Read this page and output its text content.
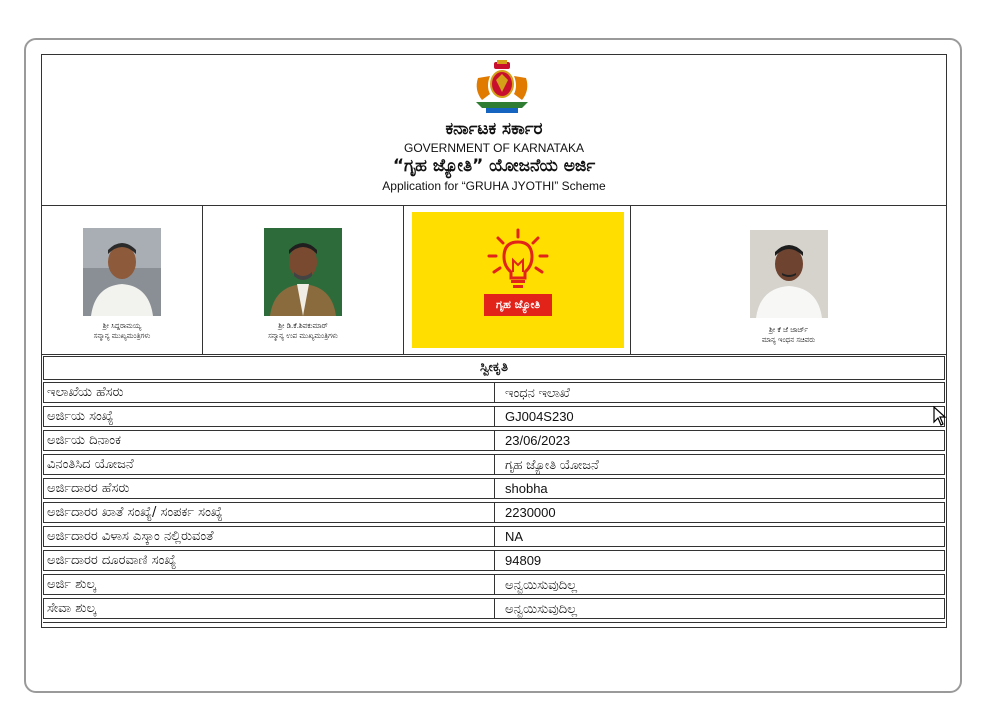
ಕರ್ನಾಟಕ ಸರ್ಕಾರ
GOVERNMENT OF KARNATAKA
“ಗೃಹ ಜ್ಯೋತಿ” ಯೋಜನೆಯ ಅರ್ಜಿ
Application for “GRUHA JYOTHI” Scheme
ಶ್ರೀ ಸಿದ್ದರಾಮಯ್ಯ
ಸನ್ಮಾನ್ಯ ಮುಖ್ಯಮಂತ್ರಿಗಳು
ಶ್ರೀ ಡಿ.ಕೆ.ಶಿವಕುಮಾರ್
ಸನ್ಮಾನ್ಯ ಉಪ ಮುಖ್ಯಮಂತ್ರಿಗಳು
ಗೃಹ ಜ್ಯೋತಿ
ಶ್ರೀ ಕೆ ಜೆ ಜಾರ್ಜ್
ಮಾನ್ಯ ಇಂಧನ ಸಚಿವರು
ಸ್ವೀಕೃತಿ
ಇಲಾಖೆಯ ಹೆಸರು	ಇಂಧನ ಇಲಾಖೆ
ಅರ್ಜಿಯ ಸಂಖ್ಯೆ	GJ004S230
ಅರ್ಜಿಯ ದಿನಾಂಕ	23/06/2023
ವಿನಂತಿಸಿದ ಯೋಜನೆ	ಗೃಹ ಜ್ಯೋತಿ ಯೋಜನೆ
ಅರ್ಜಿದಾರರ ಹೆಸರು	shobha
ಅರ್ಜಿದಾರರ ಖಾತೆ ಸಂಖ್ಯೆ/ ಸಂಪರ್ಕ ಸಂಖ್ಯೆ	2230000
ಅರ್ಜಿದಾರರ ವಿಳಾಸ ಎಸ್ಕಾಂ ನಲ್ಲಿರುವಂತೆ	NA
ಅರ್ಜಿದಾರರ ದೂರವಾಣಿ ಸಂಖ್ಯೆ	94809
ಅರ್ಜಿ ಶುಲ್ಕ	ಅನ್ವಯಿಸುವುದಿಲ್ಲ
ಸೇವಾ ಶುಲ್ಕ	ಅನ್ವಯಿಸುವುದಿಲ್ಲ
